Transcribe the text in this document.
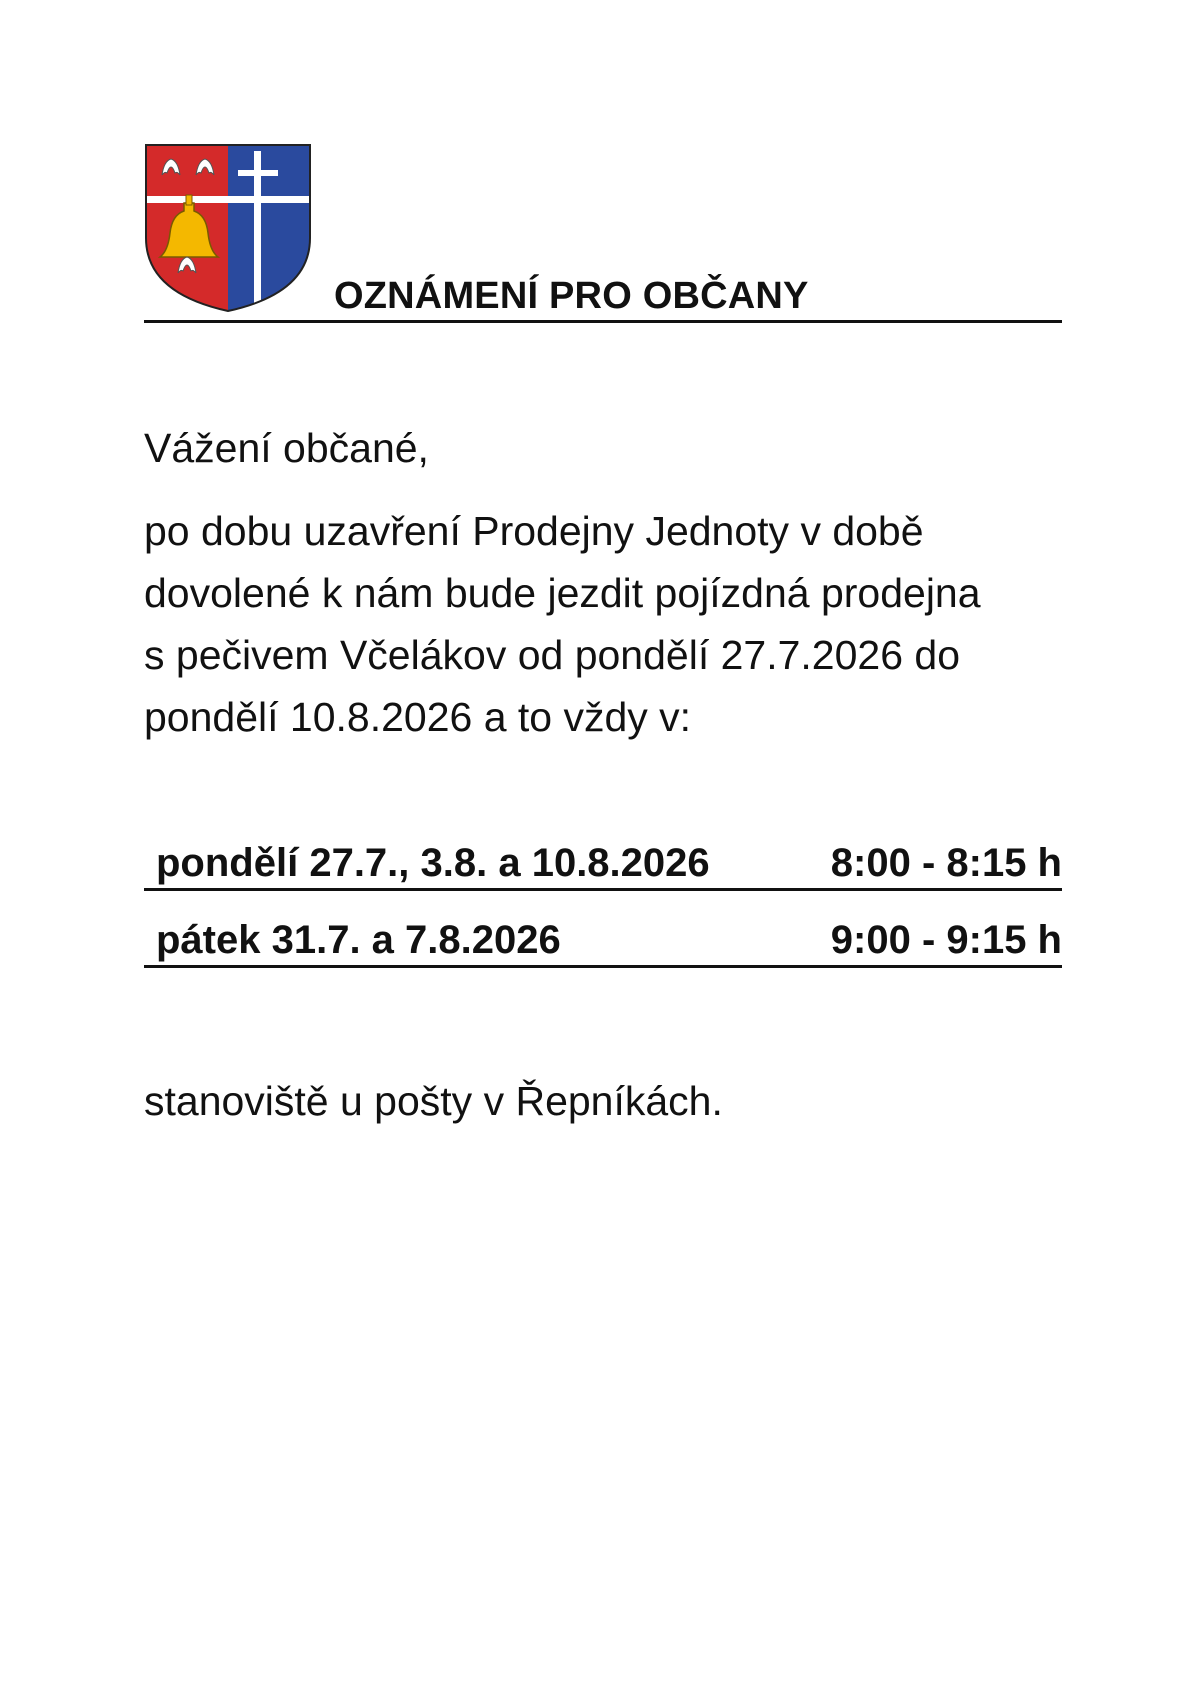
OZNÁMENÍ PRO OBČANY
Vážení občané,
po dobu uzavření Prodejny Jednoty v době
dovolené k nám bude jezdit pojízdná prodejna
s pečivem Včelákov od pondělí 27.7.2026 do
pondělí 10.8.2026 a to vždy v:
pondělí 27.7., 3.8. a 10.8.2026	8:00 - 8:15 h
pátek 31.7. a 7.8.2026	9:00 - 9:15 h
stanoviště u pošty v Řepníkách.
